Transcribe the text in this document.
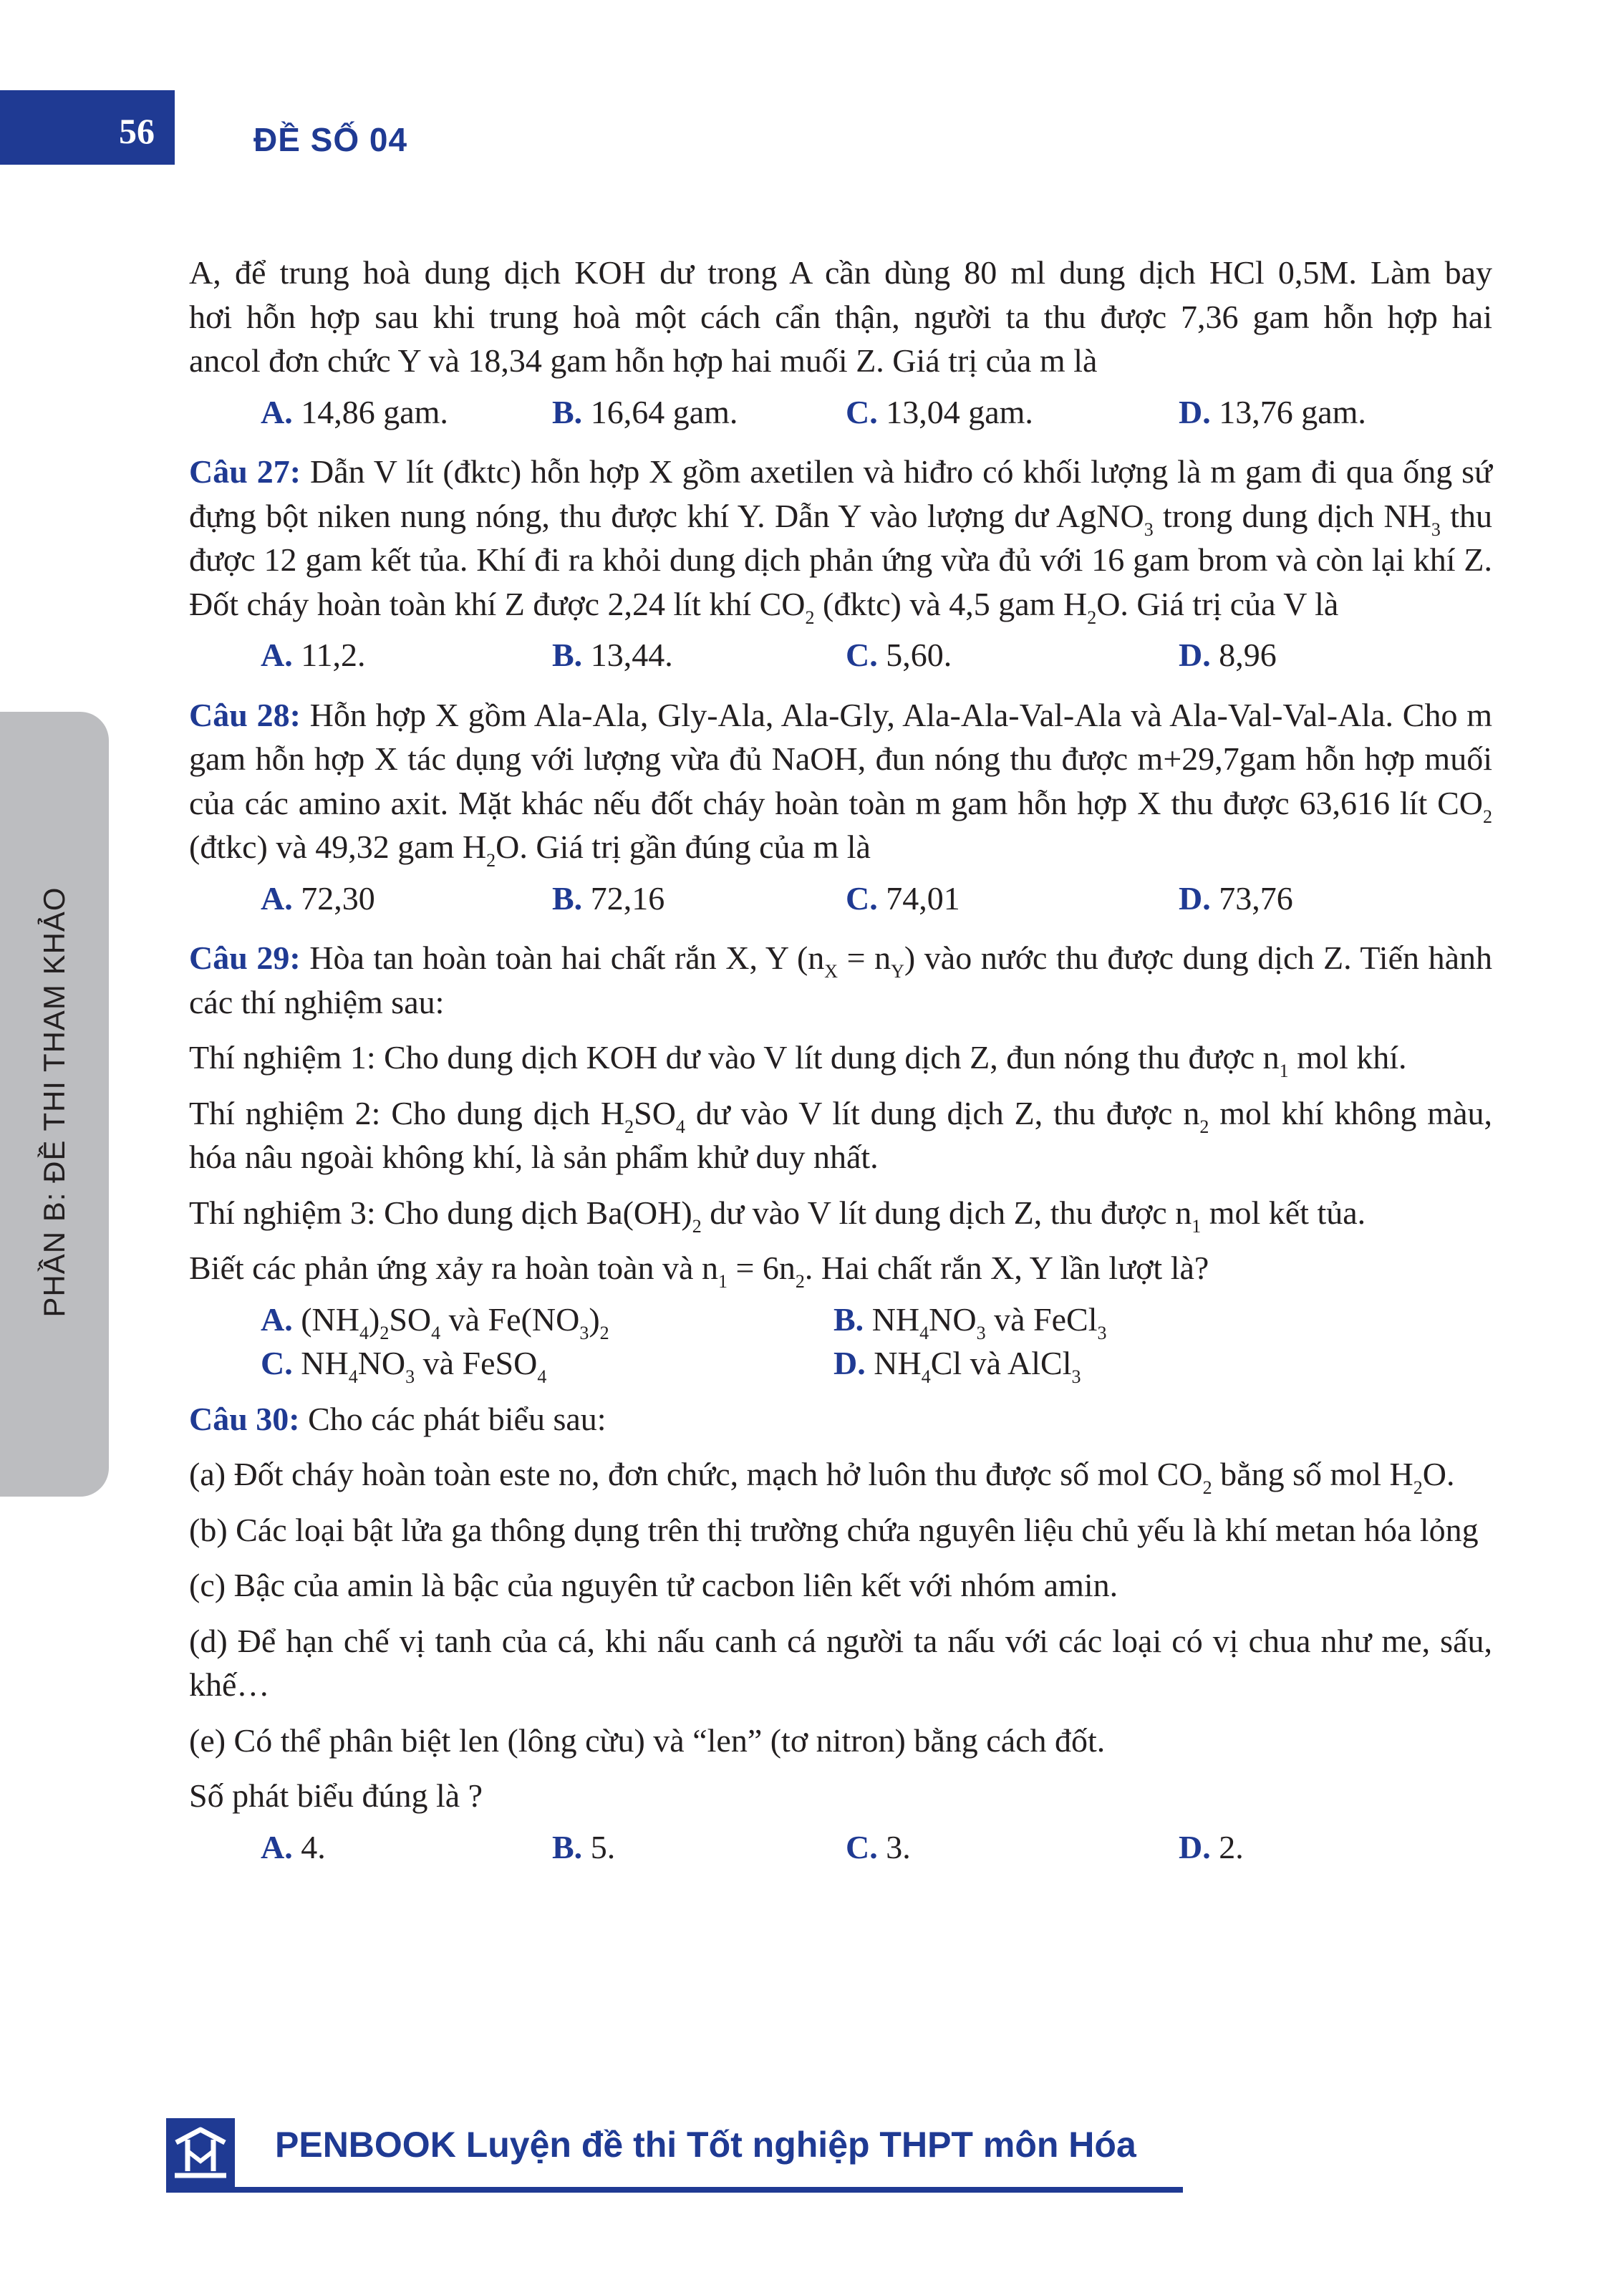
56	ĐỀ SỐ 04
PHẦN B: ĐỀ THI THAM KHẢO

A, để trung hoà dung dịch KOH dư trong A cần dùng 80 ml dung dịch HCl 0,5M. Làm bay

hơi hỗn hợp sau khi trung hoà một cách cẩn thận, người ta thu được 7,36 gam hỗn hợp hai

ancol đơn chức Y và 18,34 gam hỗn hợp hai muối Z. Giá trị của m là

A. 14,86 gam.	B. 16,64 gam.	C. 13,04 gam.	D. 13,76 gam.

Câu 27: Dẫn V lít (đktc) hỗn hợp X gồm axetilen và hiđro có khối lượng là m gam đi qua ống sứ đựng bột niken nung nóng, thu được khí Y. Dẫn Y vào lượng dư AgNO$_3$ trong dung dịch $NH_3$ thu được 12 gam kết tủa. Khí đi ra khỏi dung dịch phản ứng vừa đủ với 16 gam brom và còn lại khí Z. Đốt cháy hoàn toàn khí Z được 2,24 lít khí $CO_2$ (đktc) và 4,5 gam $H_2O$. Giá trị của V là

A. 11,2.	B. 13,44.	C. 5,60.	D. 8,96

Câu 28: Hỗn hợp X gồm Ala-Ala, Gly-Ala, Ala-Gly, Ala-Ala-Val-Ala và Ala-Val-Val-Ala. Cho m gam hỗn hợp X tác dụng với lượng vừa đủ NaOH, đun nóng thu được m+29,7gam hỗn hợp muối của các amino axit. Mặt khác nếu đốt cháy hoàn toàn m gam hỗn hợp X thu được 63,616 lít $CO_2$ (đtkc) và 49,32 gam $H_2O$. Giá trị gần đúng của m là

A. 72,30	B. 72,16	C. 74,01	D. 73,76

Câu 29: Hòa tan hoàn toàn hai chất rắn X, Y $(n_X = n_Y)$ vào nước thu được dung dịch Z. Tiến hành các thí nghiệm sau:

Thí nghiệm 1: Cho dung dịch KOH dư vào V lít dung dịch Z, đun nóng thu được $n_1$ mol khí.

Thí nghiệm 2: Cho dung dịch $H_2SO_4$ dư vào V lít dung dịch Z, thu được $n_2$ mol khí không màu, hóa nâu ngoài không khí, là sản phẩm khử duy nhất.

Thí nghiệm 3: Cho dung dịch $Ba(OH)_2$ dư vào V lít dung dịch Z, thu được $n_1$ mol kết tủa.

Biết các phản ứng xảy ra hoàn toàn và $n_1 = 6n_2$. Hai chất rắn X, Y lần lượt là?

A. $(NH_4)_2SO_4$ và $Fe(NO_3)_2$	B. $NH_4NO_3$ và FeCl$_3$
C. $NH_4NO_3$ và FeSO$_4$	D. $NH_4Cl$ và AlCl$_3$

Câu 30: Cho các phát biểu sau:

(a) Đốt cháy hoàn toàn este no, đơn chức, mạch hở luôn thu được số mol $CO_2$ bằng số mol $H_2O$.

(b) Các loại bật lửa ga thông dụng trên thị trường chứa nguyên liệu chủ yếu là khí metan hóa lỏng

(c) Bậc của amin là bậc của nguyên tử cacbon liên kết với nhóm amin.

(d) Để hạn chế vị tanh của cá, khi nấu canh cá người ta nấu với các loại có vị chua như me, sấu, khế…

(e) Có thể phân biệt len (lông cừu) và “len” (tơ nitron) bằng cách đốt.

Số phát biểu đúng là ?

A. 4.	B. 5.	C. 3.	D. 2.
PENBOOK Luyện đề thi Tốt nghiệp THPT môn Hóa
